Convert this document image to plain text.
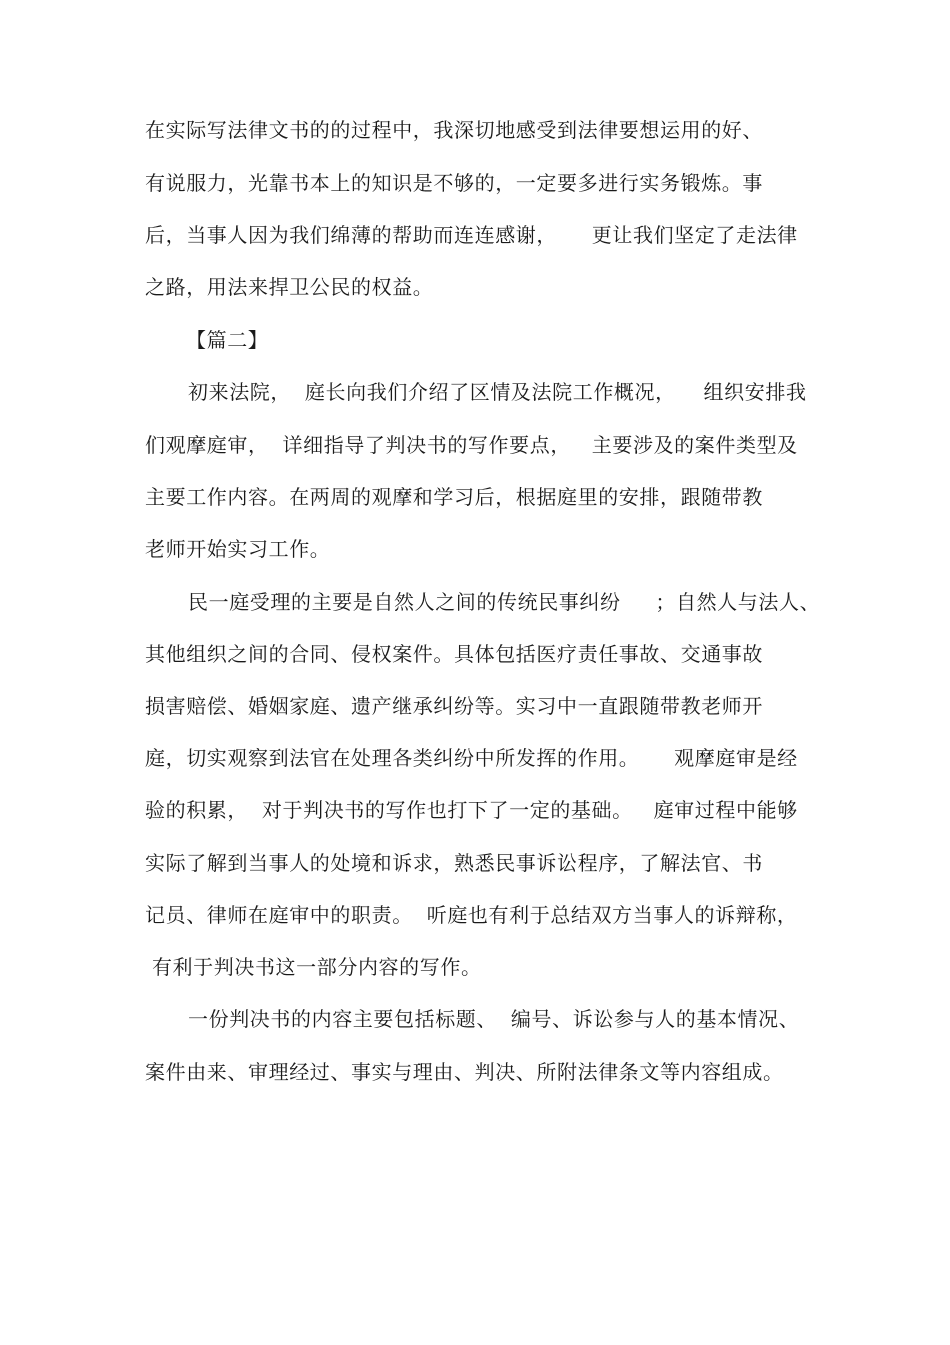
在实际写法律文书的的过程中，我深切地感受到法律要想运用的好、
有说服力，光靠书本上的知识是不够的，一定要多进行实务锻炼。事
后，当事人因为我们绵薄的帮助而连连感谢，     更让我们坚定了走法律
之路，用法来捍卫公民的权益。
【篇二】
初来法院，  庭长向我们介绍了区情及法院工作概况，    组织安排我
们观摩庭审，  详细指导了判决书的写作要点，   主要涉及的案件类型及
主要工作内容。在两周的观摩和学习后，根据庭里的安排，跟随带教
老师开始实习工作。
民一庭受理的主要是自然人之间的传统民事纠纷     ；自然人与法人、
其他组织之间的合同、侵权案件。具体包括医疗责任事故、交通事故
损害赔偿、婚姻家庭、遗产继承纠纷等。实习中一直跟随带教老师开
庭，切实观察到法官在处理各类纠纷中所发挥的作用。     观摩庭审是经
验的积累，  对于判决书的写作也打下了一定的基础。   庭审过程中能够
实际了解到当事人的处境和诉求，熟悉民事诉讼程序，了解法官、书
记员、律师在庭审中的职责。  听庭也有利于总结双方当事人的诉辩称，
有利于判决书这一部分内容的写作。
一份判决书的内容主要包括标题、  编号、诉讼参与人的基本情况、
案件由来、审理经过、事实与理由、判决、所附法律条文等内容组成。
